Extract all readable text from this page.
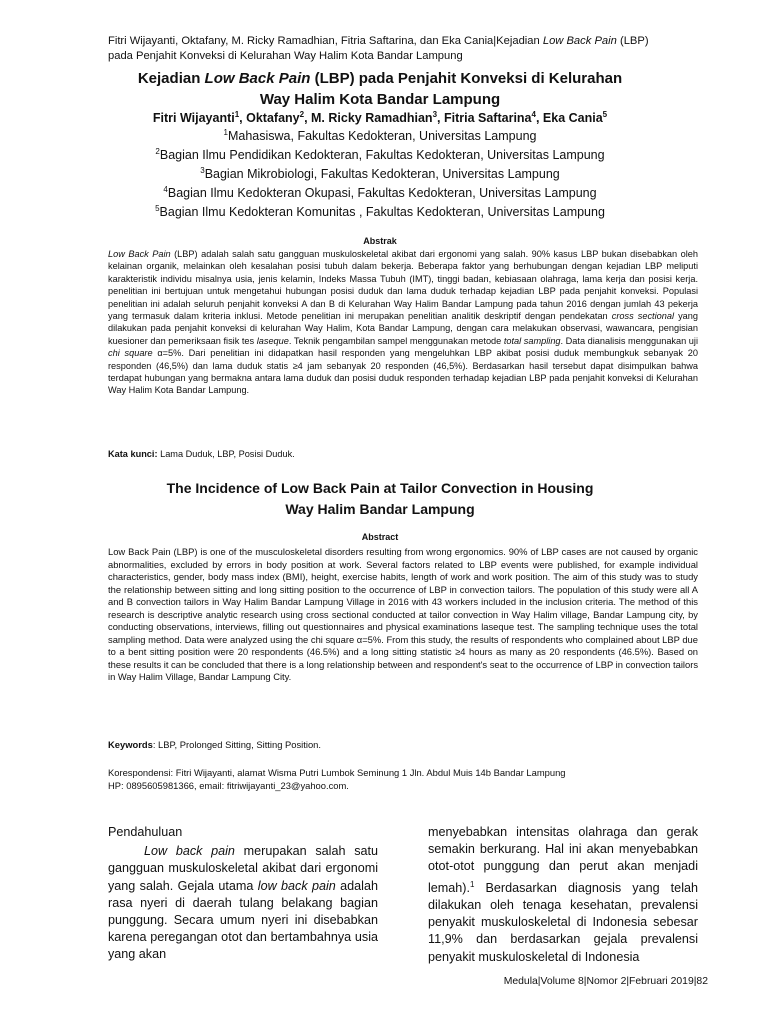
Fitri Wijayanti, Oktafany, M. Ricky Ramadhian, Fitria Saftarina, dan Eka Cania|Kejadian Low Back Pain (LBP)
pada Penjahit Konveksi di Kelurahan Way Halim Kota Bandar Lampung
Kejadian Low Back Pain (LBP) pada Penjahit Konveksi di Kelurahan
Way Halim Kota Bandar Lampung
Fitri Wijayanti$^1$, Oktafany$^2$, M. Ricky Ramadhian$^3$, Fitria Saftarina$^4$, Eka Cania$^5$
$^1$Mahasiswa, Fakultas Kedokteran, Universitas Lampung
$^2$Bagian Ilmu Pendidikan Kedokteran, Fakultas Kedokteran, Universitas Lampung
$^3$Bagian Mikrobiologi, Fakultas Kedokteran, Universitas Lampung
$^4$Bagian Ilmu Kedokteran Okupasi, Fakultas Kedokteran, Universitas Lampung
$^5$Bagian Ilmu Kedokteran Komunitas , Fakultas Kedokteran, Universitas Lampung
Abstrak
Low Back Pain (LBP) adalah salah satu gangguan muskuloskeletal akibat dari ergonomi yang salah. 90% kasus LBP bukan disebabkan oleh kelainan organik, melainkan oleh kesalahan posisi tubuh dalam bekerja. Beberapa faktor yang berhubungan dengan kejadian LBP meliputi karakteristik individu misalnya usia, jenis kelamin, Indeks Massa Tubuh (IMT), tinggi badan, kebiasaan olahraga, lama kerja dan posisi kerja. penelitian ini bertujuan untuk mengetahui hubungan posisi duduk dan lama duduk terhadap kejadian LBP pada penjahit konveksi. Populasi penelitian ini adalah seluruh penjahit konveksi A dan B di Kelurahan Way Halim Bandar Lampung pada tahun 2016 dengan jumlah 43 pekerja yang termasuk dalam kriteria inklusi. Metode penelitian ini merupakan penelitian analitik deskriptif dengan pendekatan cross sectional yang dilakukan pada penjahit konveksi di kelurahan Way Halim, Kota Bandar Lampung, dengan cara melakukan observasi, wawancara, pengisian kuesioner dan pemeriksaan fisik tes laseque. Teknik pengambilan sampel menggunakan metode total sampling. Data dianalisis menggunakan uji chi square α=5%. Dari penelitian ini didapatkan hasil responden yang mengeluhkan LBP akibat posisi duduk membungkuk sebanyak 20 responden (46,5%) dan lama duduk statis ≥4 jam sebanyak 20 responden (46,5%). Berdasarkan hasil tersebut dapat disimpulkan bahwa terdapat hubungan yang bermakna antara lama duduk dan posisi duduk responden terhadap kejadian LBP pada penjahit konveksi di Kelurahan Way Halim Kota Bandar Lampung.
Kata kunci: Lama Duduk, LBP, Posisi Duduk.
The Incidence of Low Back Pain at Tailor Convection in Housing
Way Halim Bandar Lampung
Abstract
Low Back Pain (LBP) is one of the musculoskeletal disorders resulting from wrong ergonomics. 90% of LBP cases are not caused by organic abnormalities, excluded by errors in body position at work. Several factors related to LBP events were published, for example individual characteristics, gender, body mass index (BMI), height, exercise habits, length of work and work position. The aim of this study was to study the relationship between sitting and long sitting position to the occurrence of LBP in convection tailors. The population of this study were all A and B convection tailors in Way Halim Bandar Lampung Village in 2016 with 43 workers included in the inclusion criteria. The method of this research is descriptive analytic research using cross sectional conducted at tailor convection in Way Halim village, Bandar Lampung city, by conducting observations, interviews, filling out questionnaires and physical examinations laseque test. The sampling technique uses the total sampling method. Data were analyzed using the chi square α=5%. From this study, the results of respondents who complained about LBP due to a bent sitting position were 20 respondents (46.5%) and a long sitting statistic ≥4 hours as many as 20 respondents (46.5%). Based on these results it can be concluded that there is a long relationship between and respondent's seat to the occurrence of LBP in convection tailors in Way Halim Village, Bandar Lampung City.
Keywords: LBP, Prolonged Sitting, Sitting Position.
Korespondensi: Fitri Wijayanti, alamat Wisma Putri Lumbok Seminung 1 Jln. Abdul Muis 14b Bandar Lampung
HP: 0895605981366, email: fitriwijayanti_23@yahoo.com.
Pendahuluan
Low back pain merupakan salah satu gangguan muskuloskeletal akibat dari ergonomi yang salah. Gejala utama low back pain adalah rasa nyeri di daerah tulang belakang bagian punggung. Secara umum nyeri ini disebabkan karena peregangan otot dan bertambahnya usia yang akan
menyebabkan intensitas olahraga dan gerak semakin berkurang. Hal ini akan menyebabkan otot-otot punggung dan perut akan menjadi lemah).$^1$ Berdasarkan diagnosis yang telah dilakukan oleh tenaga kesehatan, prevalensi penyakit muskuloskeletal di Indonesia sebesar 11,9% dan berdasarkan gejala prevalensi penyakit muskuloskeletal di Indonesia
Medula|Volume 8|Nomor 2|Februari 2019|82
